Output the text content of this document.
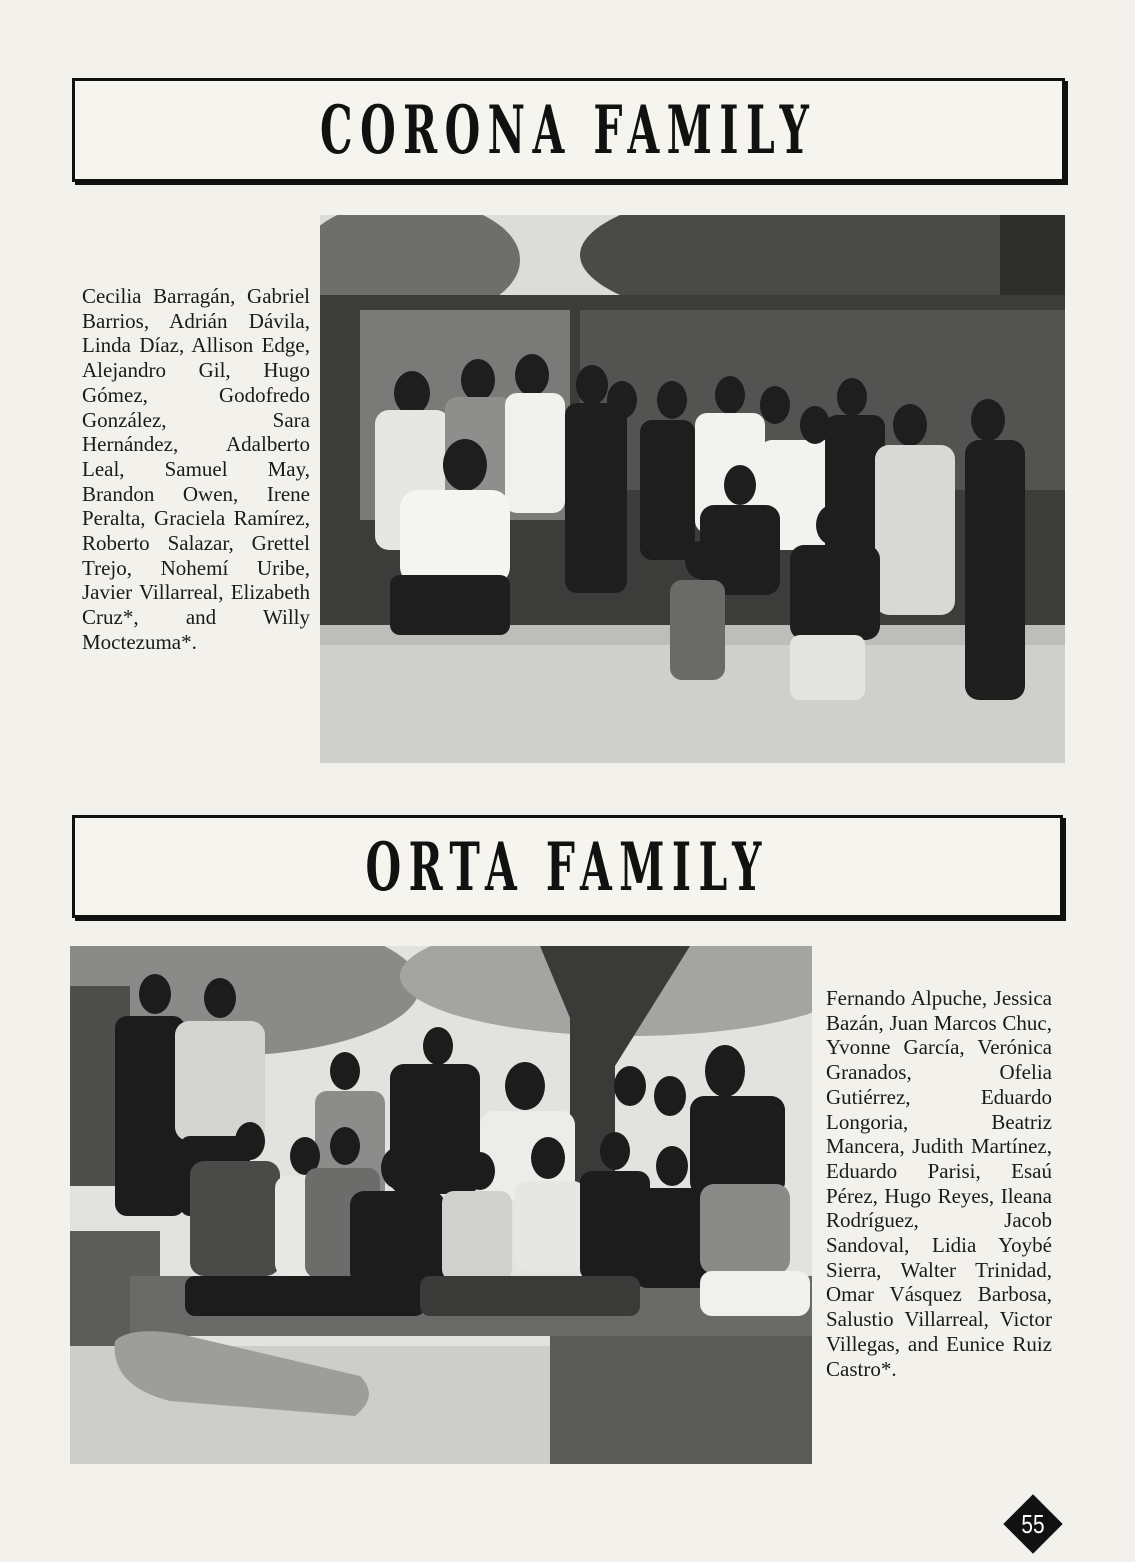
CORONA FAMILY

Cecilia Barragán, Gabriel Barrios, Adrián Dávila, Linda Díaz, Allison Edge, Alejandro Gil, Hugo Gómez, Godofredo González, Sara Hernández, Adalberto Leal, Samuel May, Brandon Owen, Irene Peralta, Graciela Ramírez, Roberto Salazar, Grettel Trejo, Nohemí Uribe, Javier Villarreal, Elizabeth Cruz*, and Willy Moctezuma*.

ORTA FAMILY

Fernando Alpuche, Jessica Bazán, Juan Marcos Chuc, Yvonne García, Verónica Granados, Ofelia Gutiérrez, Eduardo Longoria, Beatriz Mancera, Judith Martínez, Eduardo Parisi, Esaú Pérez, Hugo Reyes, Ileana Rodríguez, Jacob Sandoval, Lidia Yoybé Sierra, Walter Trinidad, Omar Vásquez Barbosa, Salustio Villarreal, Victor Villegas, and Eunice Ruiz Castro*.

55
